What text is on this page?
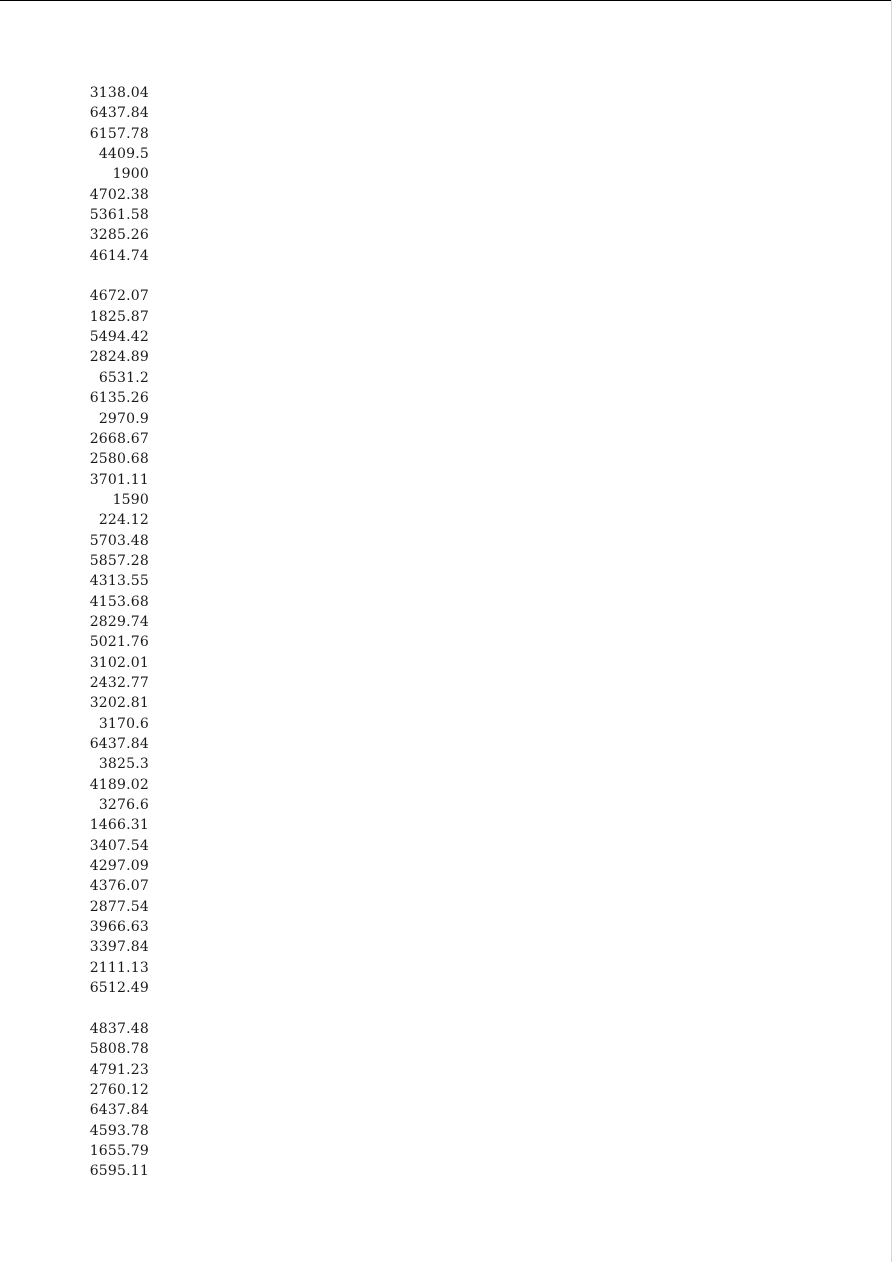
3138.04
6437.84
6157.78
4409.5
1900
4702.38
5361.58
3285.26
4614.74
4672.07
1825.87
5494.42
2824.89
6531.2
6135.26
2970.9
2668.67
2580.68
3701.11
1590
224.12
5703.48
5857.28
4313.55
4153.68
2829.74
5021.76
3102.01
2432.77
3202.81
3170.6
6437.84
3825.3
4189.02
3276.6
1466.31
3407.54
4297.09
4376.07
2877.54
3966.63
3397.84
2111.13
6512.49
4837.48
5808.78
4791.23
2760.12
6437.84
4593.78
1655.79
6595.11
